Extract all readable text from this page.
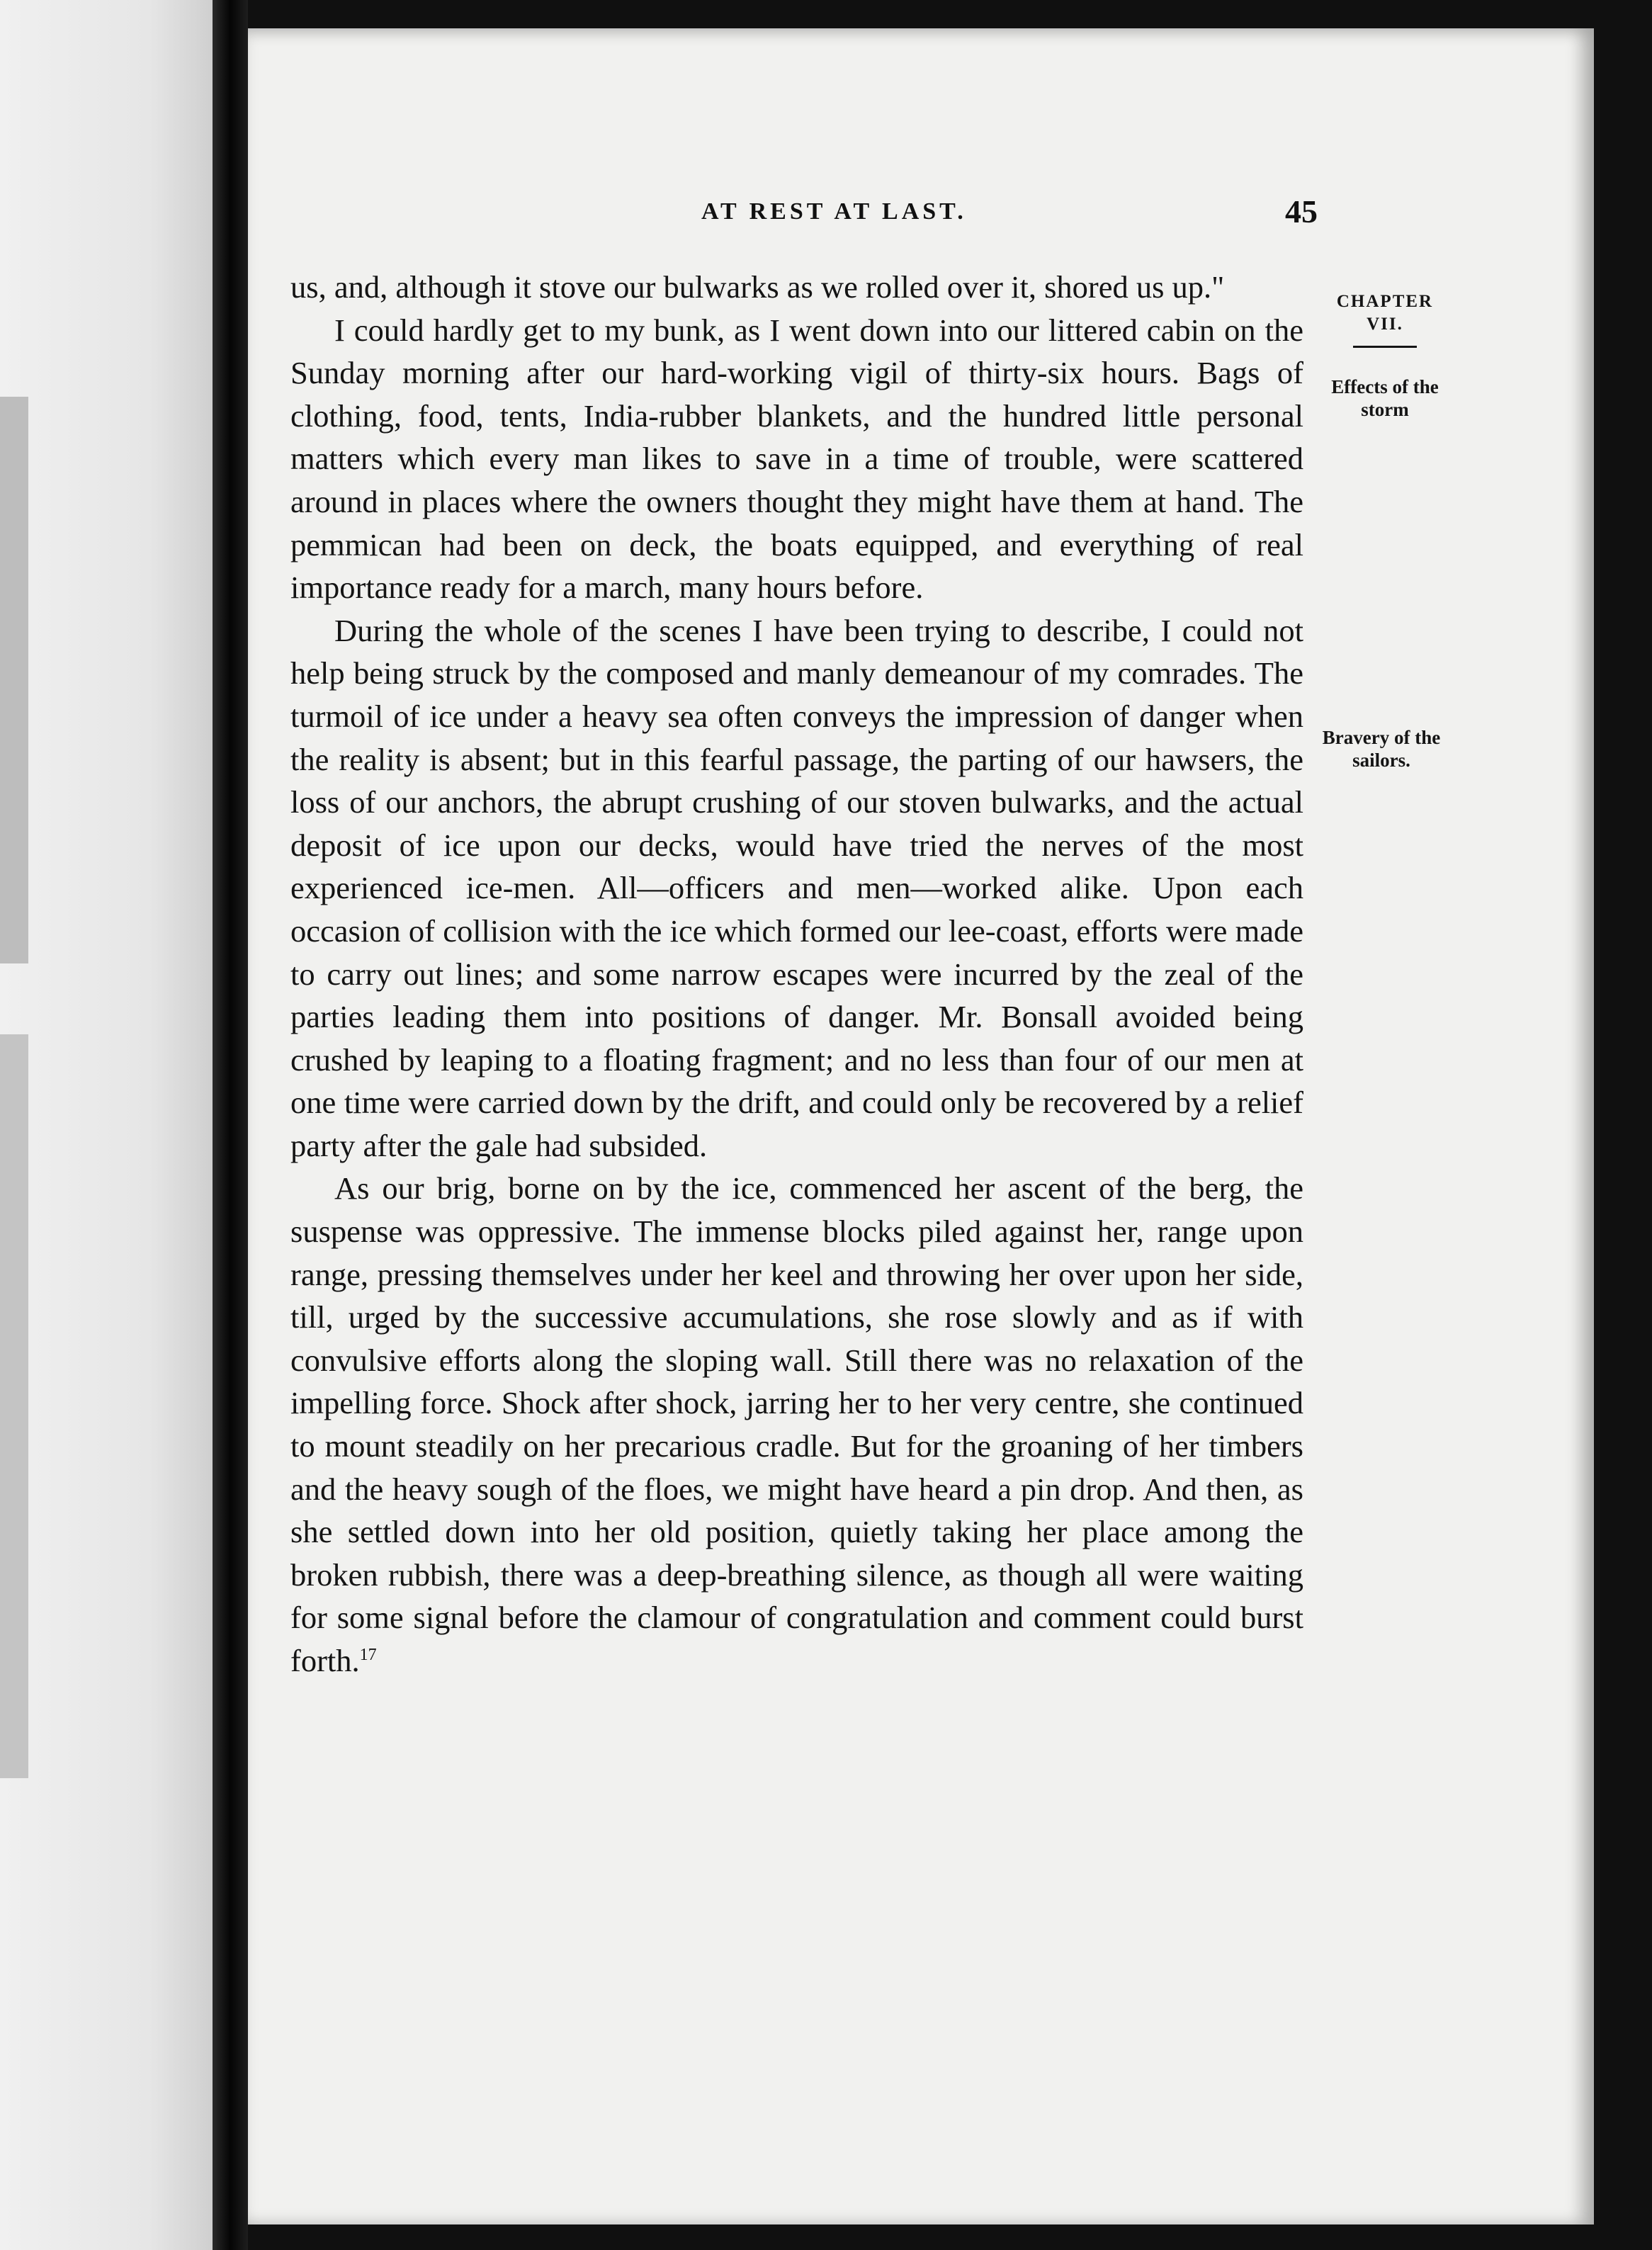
AT REST AT LAST.	45
CHAPTER
VII.
Effects of the storm
Bravery of the sailors.

us, and, although it stove our bulwarks as we rolled over it, shored us up."

I could hardly get to my bunk, as I went down into our littered cabin on the Sunday morning after our hard-working vigil of thirty-six hours. Bags of clothing, food, tents, India-rubber blankets, and the hundred little personal matters which every man likes to save in a time of trouble, were scattered around in places where the owners thought they might have them at hand. The pemmican had been on deck, the boats equipped, and everything of real importance ready for a march, many hours before.

During the whole of the scenes I have been trying to describe, I could not help being struck by the composed and manly demeanour of my comrades. The turmoil of ice under a heavy sea often conveys the impression of danger when the reality is absent; but in this fearful passage, the parting of our hawsers, the loss of our anchors, the abrupt crushing of our stoven bulwarks, and the actual deposit of ice upon our decks, would have tried the nerves of the most experienced ice-men. All—officers and men—worked alike. Upon each occasion of collision with the ice which formed our lee-coast, efforts were made to carry out lines; and some narrow escapes were incurred by the zeal of the parties leading them into positions of danger. Mr. Bonsall avoided being crushed by leaping to a floating fragment; and no less than four of our men at one time were carried down by the drift, and could only be recovered by a relief party after the gale had subsided.

As our brig, borne on by the ice, commenced her ascent of the berg, the suspense was oppressive. The immense blocks piled against her, range upon range, pressing themselves under her keel and throwing her over upon her side, till, urged by the successive accumulations, she rose slowly and as if with convulsive efforts along the sloping wall. Still there was no relaxation of the impelling force. Shock after shock, jarring her to her very centre, she continued to mount steadily on her precarious cradle. But for the groaning of her timbers and the heavy sough of the floes, we might have heard a pin drop. And then, as she settled down into her old position, quietly taking her place among the broken rubbish, there was a deep-breathing silence, as though all were waiting for some signal before the clamour of congratulation and comment could burst forth.$^{17}$
